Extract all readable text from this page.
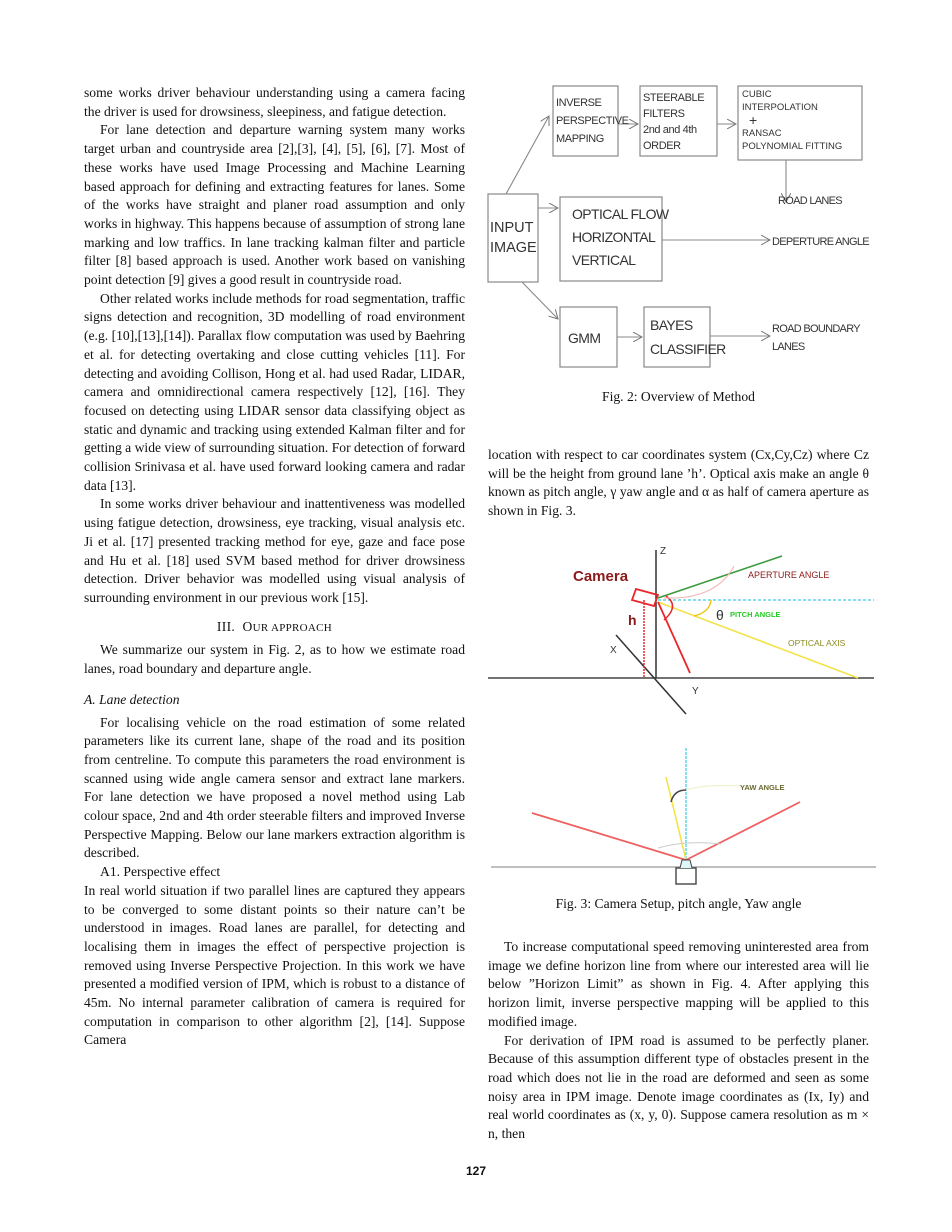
some works driver behaviour understanding using a camera facing the driver is used for drowsiness, sleepiness, and fatigue detection.

For lane detection and departure warning system many works target urban and countryside area [2],[3], [4], [5], [6], [7]. Most of these works have used Image Processing and Machine Learning based approach for defining and extracting features for lanes. Some of the works have straight and planer road assumption and only works in highway. This happens because of assumption of strong lane marking and low traffics. In lane tracking kalman filter and particle filter [8] based approach is used. Another work based on vanishing point detection [9] gives a good result in countryside road.

Other related works include methods for road segmentation, traffic signs detection and recognition, 3D modelling of road environment (e.g. [10],[13],[14]). Parallax flow computation was used by Baehring et al. for detecting overtaking and close cutting vehicles [11]. For detecting and avoiding Collison, Hong et al. had used Radar, LIDAR, camera and omnidirectional camera respectively [12], [16]. They focused on detecting using LIDAR sensor data classifying object as static and dynamic and tracking using extended Kalman filter and for getting a wide view of surrounding situation. For detection of forward collision Srinivasa et al. have used forward looking camera and radar data [13].

In some works driver behaviour and inattentiveness was modelled using fatigue detection, drowsiness, eye tracking, visual analysis etc. Ji et al. [17] presented tracking method for eye, gaze and face pose and Hu et al. [18] used SVM based method for driver drowsiness detection. Driver behavior was modelled using visual analysis of surrounding environment in our previous work [15].

III. OUR APPROACH

We summarize our system in Fig. 2, as to how we estimate road lanes, road boundary and departure angle.

A. Lane detection

For localising vehicle on the road estimation of some related parameters like its current lane, shape of the road and its position from centreline. To compute this parameters the road environment is scanned using wide angle camera sensor and extract lane markers. For lane detection we have proposed a novel method using Lab colour space, 2nd and 4th order steerable filters and improved Inverse Perspective Mapping. Below our lane markers extraction algorithm is described.

A1. Perspective effect

In real world situation if two parallel lines are captured they appears to be converged to some distant points so their nature can’t be understood in images. Road lanes are parallel, for detecting and localising them in images the effect of perspective projection is removed using Inverse Perspective Projection. In this work we have presented a modified version of IPM, which is robust to a distance of 45m. No internal parameter calibration of camera is required for computation in comparison to other algorithm [2], [14]. Suppose Camera

INPUT
IMAGE
INVERSE
PERSPECTIVE
MAPPING
STEERABLE
FILTERS
2nd and 4th
ORDER
CUBIC
INTERPOLATION
+
RANSAC
POLYNOMIAL FITTING
OPTICAL FLOW
HORIZONTAL
VERTICAL
GMM
BAYES
CLASSIFIER
ROAD LANES
DEPERTURE ANGLE
ROAD BOUNDARY
LANES
Fig. 2: Overview of Method

location with respect to car coordinates system (Cx,Cy,Cz) where Cz will be the height from ground lane ’h’. Optical axis make an angle θ known as pitch angle, γ yaw angle and α as half of camera aperture as shown in Fig. 3.

Z
X
Y
Camera
h
APERTURE ANGLE
θ PITCH ANGLE
OPTICAL AXIS
YAW ANGLE
Fig. 3: Camera Setup, pitch angle, Yaw angle

To increase computational speed removing uninterested area from image we define horizon line from where our interested area will lie below ”Horizon Limit” as shown in Fig. 4. After applying this horizon limit, inverse perspective mapping will be applied to this modified image.

For derivation of IPM road is assumed to be perfectly planer. Because of this assumption different type of obstacles present in the road which does not lie in the road are deformed and seen as some noisy area in IPM image. Denote image coordinates as (Ix, Iy) and real world coordinates as (x, y, 0). Suppose camera resolution as m × n, then

127
